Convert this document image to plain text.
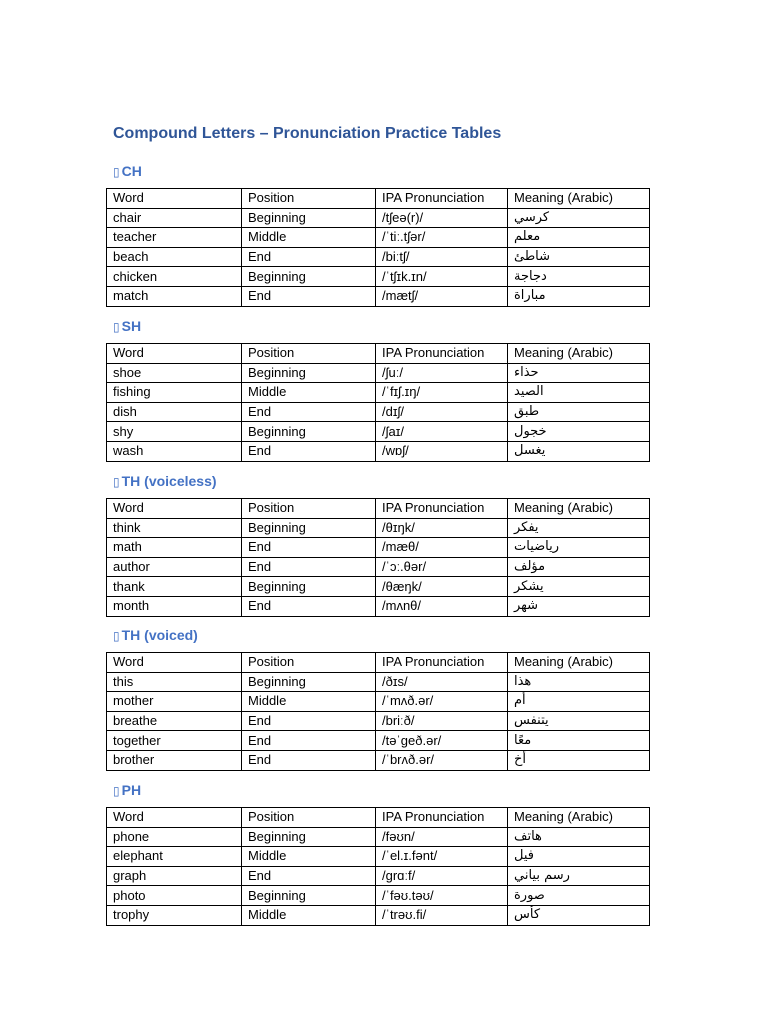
Compound Letters – Pronunciation Practice Tables
▯ CH
Word	Position	IPA Pronunciation	Meaning (Arabic)
chair	Beginning	/tʃeə(r)/	كرسي
teacher	Middle	/ˈtiː.tʃər/	معلم
beach	End	/biːtʃ/	شاطئ
chicken	Beginning	/ˈtʃɪk.ɪn/	دجاجة
match	End	/mætʃ/	مباراة
▯ SH
Word	Position	IPA Pronunciation	Meaning (Arabic)
shoe	Beginning	/ʃuː/	حذاء
fishing	Middle	/ˈfɪʃ.ɪŋ/	الصيد
dish	End	/dɪʃ/	طبق
shy	Beginning	/ʃaɪ/	خجول
wash	End	/wɒʃ/	يغسل
▯ TH (voiceless)
Word	Position	IPA Pronunciation	Meaning (Arabic)
think	Beginning	/θɪŋk/	يفكر
math	End	/mæθ/	رياضيات
author	End	/ˈɔː.θər/	مؤلف
thank	Beginning	/θæŋk/	يشكر
month	End	/mʌnθ/	شهر
▯ TH (voiced)
Word	Position	IPA Pronunciation	Meaning (Arabic)
this	Beginning	/ðɪs/	هذا
mother	Middle	/ˈmʌð.ər/	أم
breathe	End	/briːð/	يتنفس
together	End	/təˈgeð.ər/	معًا
brother	End	/ˈbrʌð.ər/	أخ
▯ PH
Word	Position	IPA Pronunciation	Meaning (Arabic)
phone	Beginning	/fəʊn/	هاتف
elephant	Middle	/ˈel.ɪ.fənt/	فيل
graph	End	/grɑːf/	رسم بياني
photo	Beginning	/ˈfəʊ.təʊ/	صورة
trophy	Middle	/ˈtrəʊ.fi/	كأس
